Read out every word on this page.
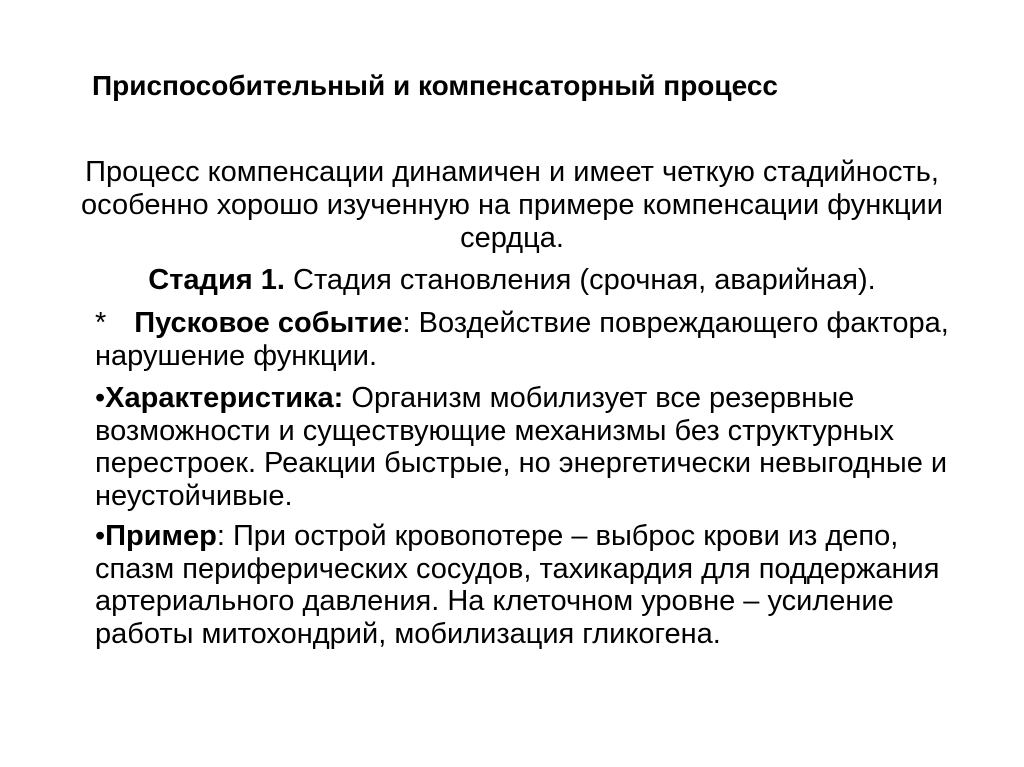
Приспособительный и компенсаторный процесс
Процесс компенсации динамичен и имеет четкую стадийность, особенно хорошо изученную на примере компенсации функции сердца.
Стадия 1. Стадия становления (срочная, аварийная).
* Пусковое событие: Воздействие повреждающего фактора, нарушение функции.
•Характеристика: Организм мобилизует все резервные возможности и существующие механизмы без структурных перестроек. Реакции быстрые, но энергетически невыгодные и неустойчивые.
•Пример: При острой кровопотере – выброс крови из депо, спазм периферических сосудов, тахикардия для поддержания артериального давления. На клеточном уровне – усиление работы митохондрий, мобилизация гликогена.
